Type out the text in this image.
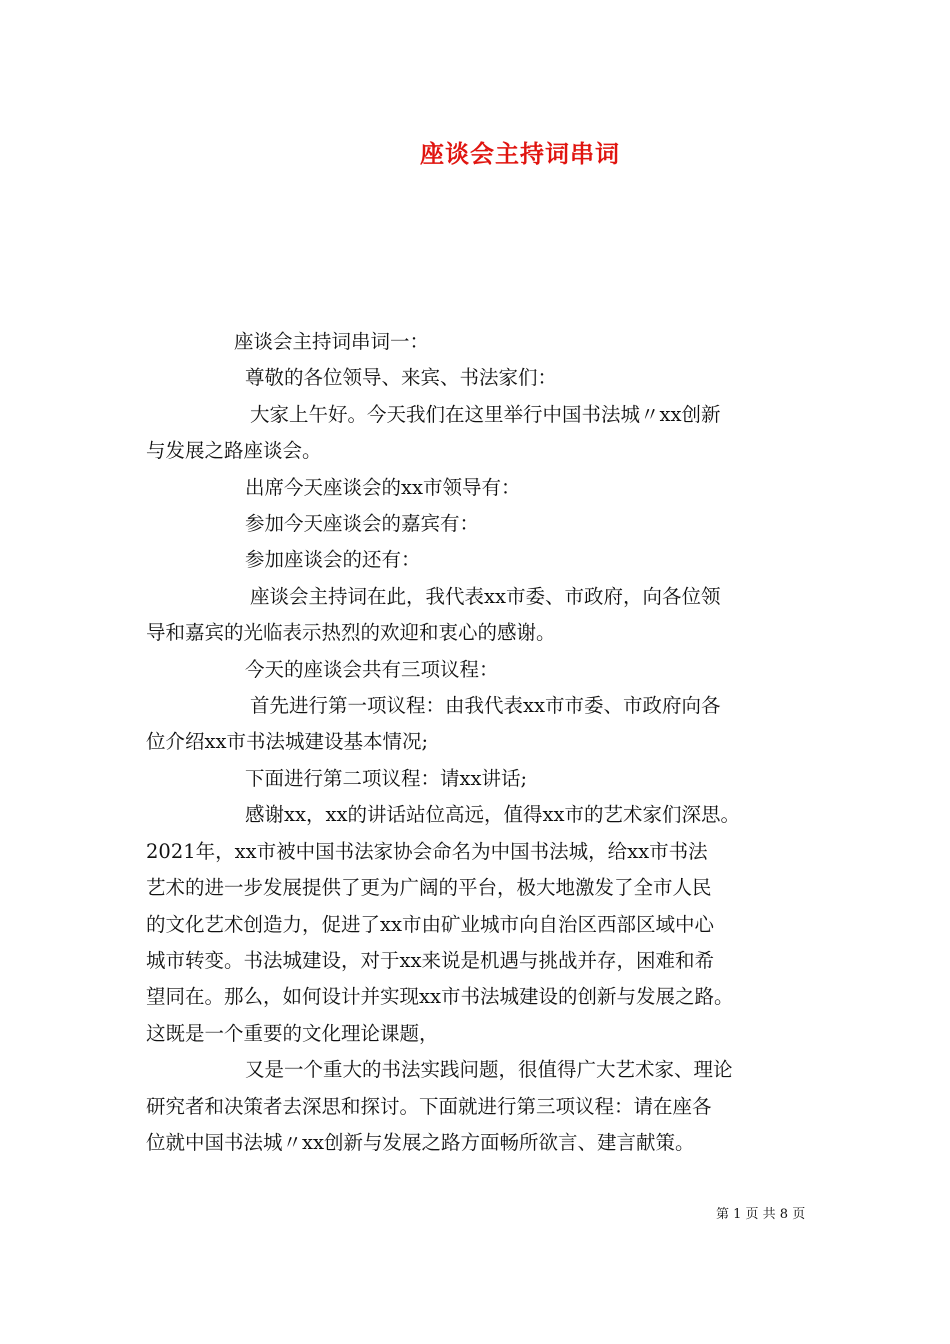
座谈会主持词串词

座谈会主持词串词一：

尊敬的各位领导、来宾、书法家们：

大家上午好。今天我们在这里举行中国书法城〃xx创新

与发展之路座谈会。

出席今天座谈会的xx市领导有：

参加今天座谈会的嘉宾有：

参加座谈会的还有：

座谈会主持词在此，我代表xx市委、市政府，向各位领

导和嘉宾的光临表示热烈的欢迎和衷心的感谢。

今天的座谈会共有三项议程：

首先进行第一项议程：由我代表xx市市委、市政府向各

位介绍xx市书法城建设基本情况;

下面进行第二项议程：请xx讲话;

感谢xx，xx的讲话站位高远，值得xx市的艺术家们深思。

2021年，xx市被中国书法家协会命名为中国书法城，给xx市书法

艺术的进一步发展提供了更为广阔的平台，极大地激发了全市人民

的文化艺术创造力，促进了xx市由矿业城市向自治区西部区域中心

城市转变。书法城建设，对于xx来说是机遇与挑战并存，困难和希

望同在。那么，如何设计并实现xx市书法城建设的创新与发展之路。

这既是一个重要的文化理论课题，

又是一个重大的书法实践问题，很值得广大艺术家、理论

研究者和决策者去深思和探讨。下面就进行第三项议程：请在座各

位就中国书法城〃xx创新与发展之路方面畅所欲言、建言献策。

第 1 页 共 8 页
